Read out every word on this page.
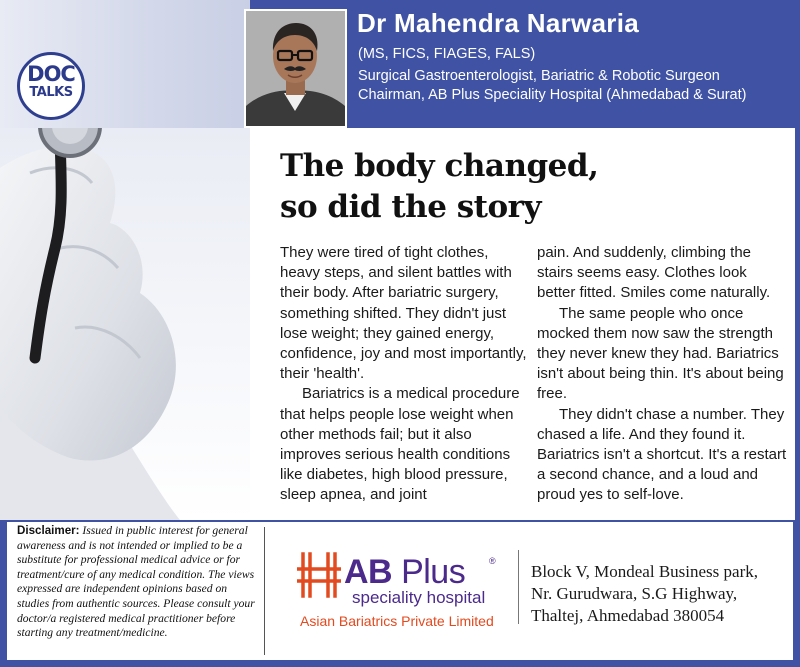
DOC
TALKS
Dr Mahendra Narwaria
(MS, FICS, FIAGES, FALS)
Surgical Gastroenterologist, Bariatric & Robotic Surgeon
Chairman, AB Plus Speciality Hospital (Ahmedabad & Surat)
The body changed,
so did the story

They were tired of tight clothes, heavy steps, and silent battles with their body. After bariatric surgery, something shifted. They didn't just lose weight; they gained energy, confidence, joy and most importantly, their 'health'.

Bariatrics is a medical procedure that helps people lose weight when other methods fail; but it also improves serious health conditions like diabetes, high blood pressure, sleep apnea, and joint

pain. And suddenly, climbing the stairs seems easy. Clothes look better fitted. Smiles come naturally.

The same people who once mocked them now saw the strength they never knew they had. Bariatrics isn't about being thin. It's about being free.

They didn't chase a number. They chased a life. And they found it. Bariatrics isn't a shortcut. It's a restart a second chance, and a loud and proud yes to self-love.

Disclaimer: Issued in public interest for general awareness and is not intended or implied to be a substitute for professional medical advice or for treatment/cure of any medical condition. The views expressed are independent opinions based on studies from authentic sources. Please consult your doctor/a registered medical practitioner before starting any treatment/medicine.
AB Plus	®
speciality hospital
Asian Bariatrics Private Limited
Block V, Mondeal Business park,
Nr. Gurudwara, S.G Highway,
Thaltej, Ahmedabad 380054
